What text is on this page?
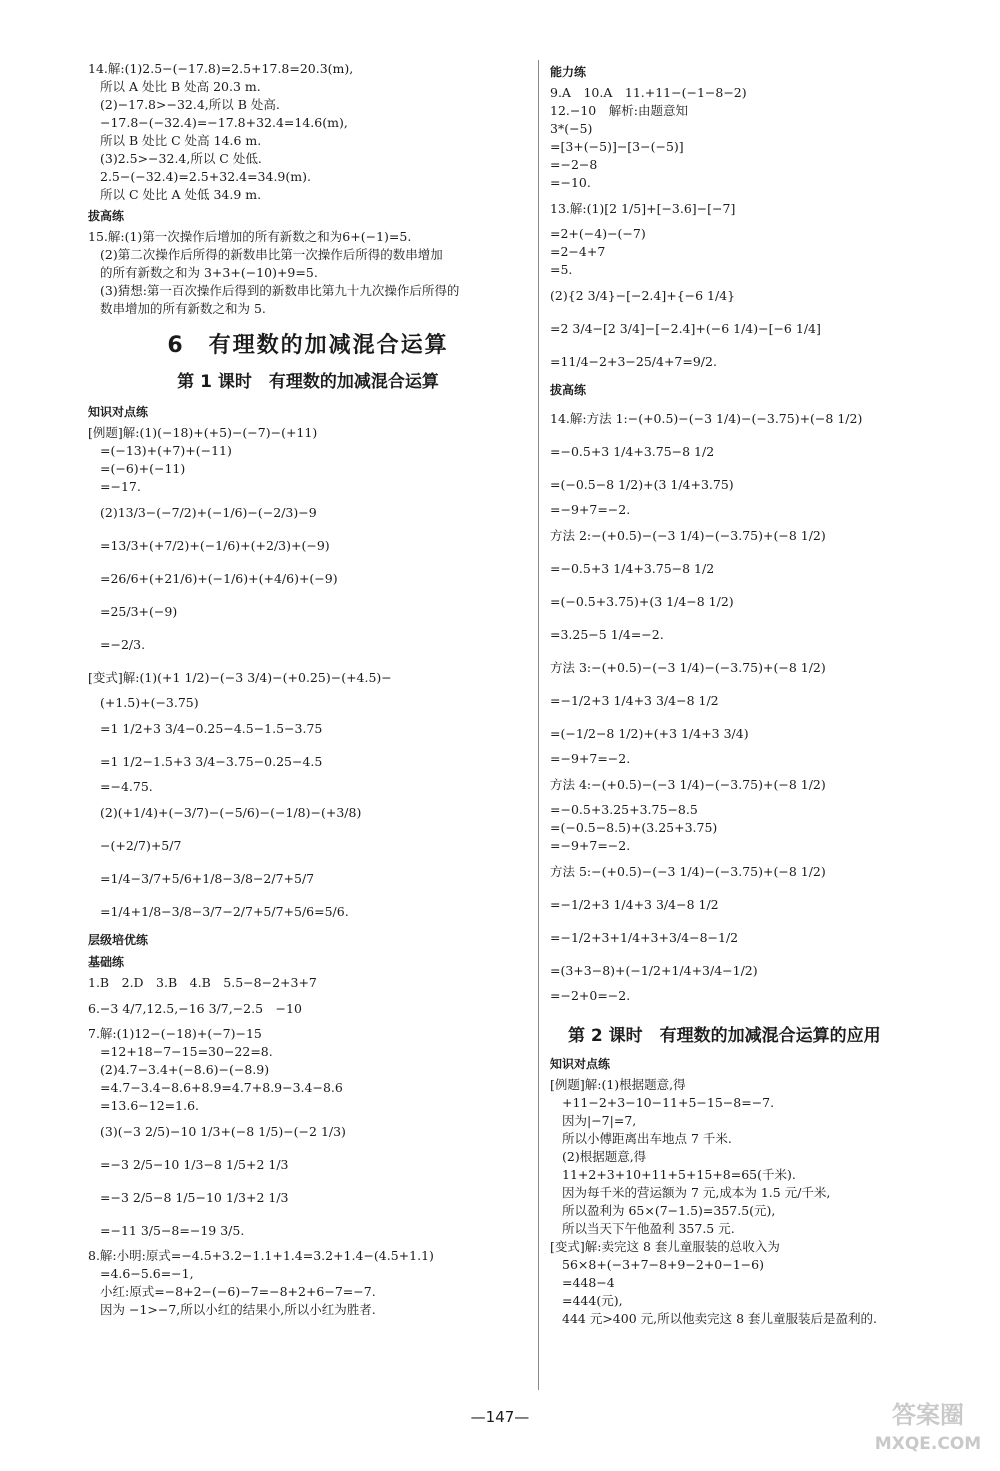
14.解:(1)2.5−(−17.8)=2.5+17.8=20.3(m),
所以 A 处比 B 处高 20.3 m.
(2)−17.8>−32.4,所以 B 处高.
−17.8−(−32.4)=−17.8+32.4=14.6(m),
所以 B 处比 C 处高 14.6 m.
(3)2.5>−32.4,所以 C 处低.
2.5−(−32.4)=2.5+32.4=34.9(m).
所以 C 处比 A 处低 34.9 m.
拔高练
15.解:(1)第一次操作后增加的所有新数之和为6+(−1)=5.
(2)第二次操作后所得的新数串比第一次操作后所得的数串增加
的所有新数之和为 3+3+(−10)+9=5.
(3)猜想:第一百次操作后得到的新数串比第九十九次操作后所得的
数串增加的所有新数之和为 5.
6　有理数的加减混合运算
第 1 课时　有理数的加减混合运算
知识对点练
[例题]解:(1)(−18)+(+5)−(−7)−(+11)
=(−13)+(+7)+(−11)
=(−6)+(−11)
=−17.
(2)13/3−(−7/2)+(−1/6)−(−2/3)−9
=13/3+(+7/2)+(−1/6)+(+2/3)+(−9)
=26/6+(+21/6)+(−1/6)+(+4/6)+(−9)
=25/3+(−9)
=−2/3.
[变式]解:(1)(+1 1/2)−(−3 3/4)−(+0.25)−(+4.5)−
(+1.5)+(−3.75)
=1 1/2+3 3/4−0.25−4.5−1.5−3.75
=1 1/2−1.5+3 3/4−3.75−0.25−4.5
=−4.75.
(2)(+1/4)+(−3/7)−(−5/6)−(−1/8)−(+3/8)
−(+2/7)+5/7
=1/4−3/7+5/6+1/8−3/8−2/7+5/7
=1/4+1/8−3/8−3/7−2/7+5/7+5/6=5/6.
层级培优练
基础练
1.B　2.D　3.B　4.B　5.5−8−2+3+7
6.−3 4/7,12.5,−16 3/7,−2.5　−10
7.解:(1)12−(−18)+(−7)−15
=12+18−7−15=30−22=8.
(2)4.7−3.4+(−8.6)−(−8.9)
=4.7−3.4−8.6+8.9=4.7+8.9−3.4−8.6
=13.6−12=1.6.
(3)(−3 2/5)−10 1/3+(−8 1/5)−(−2 1/3)
=−3 2/5−10 1/3−8 1/5+2 1/3
=−3 2/5−8 1/5−10 1/3+2 1/3
=−11 3/5−8=−19 3/5.
8.解:小明:原式=−4.5+3.2−1.1+1.4=3.2+1.4−(4.5+1.1)
=4.6−5.6=−1,
小红:原式=−8+2−(−6)−7=−8+2+6−7=−7.
因为 −1>−7,所以小红的结果小,所以小红为胜者.
能力练
9.A　10.A　11.+11−(−1−8−2)
12.−10　解析:由题意知
3*(−5)
=[3+(−5)]−[3−(−5)]
=−2−8
=−10.
13.解:(1)[2 1/5]+[−3.6]−[−7]
=2+(−4)−(−7)
=2−4+7
=5.
(2){2 3/4}−[−2.4]+{−6 1/4}
=2 3/4−[2 3/4]−[−2.4]+(−6 1/4)−[−6 1/4]
=11/4−2+3−25/4+7=9/2.
拔高练
14.解:方法 1:−(+0.5)−(−3 1/4)−(−3.75)+(−8 1/2)
=−0.5+3 1/4+3.75−8 1/2
=(−0.5−8 1/2)+(3 1/4+3.75)
=−9+7=−2.
方法 2:−(+0.5)−(−3 1/4)−(−3.75)+(−8 1/2)
=−0.5+3 1/4+3.75−8 1/2
=(−0.5+3.75)+(3 1/4−8 1/2)
=3.25−5 1/4=−2.
方法 3:−(+0.5)−(−3 1/4)−(−3.75)+(−8 1/2)
=−1/2+3 1/4+3 3/4−8 1/2
=(−1/2−8 1/2)+(+3 1/4+3 3/4)
=−9+7=−2.
方法 4:−(+0.5)−(−3 1/4)−(−3.75)+(−8 1/2)
=−0.5+3.25+3.75−8.5
=(−0.5−8.5)+(3.25+3.75)
=−9+7=−2.
方法 5:−(+0.5)−(−3 1/4)−(−3.75)+(−8 1/2)
=−1/2+3 1/4+3 3/4−8 1/2
=−1/2+3+1/4+3+3/4−8−1/2
=(3+3−8)+(−1/2+1/4+3/4−1/2)
=−2+0=−2.
第 2 课时　有理数的加减混合运算的应用
知识对点练
[例题]解:(1)根据题意,得
+11−2+3−10−11+5−15−8=−7.
因为|−7|=7,
所以小傅距离出车地点 7 千米.
(2)根据题意,得
11+2+3+10+11+5+15+8=65(千米).
因为每千米的营运额为 7 元,成本为 1.5 元/千米,
所以盈利为 65×(7−1.5)=357.5(元),
所以当天下午他盈利 357.5 元.
[变式]解:卖完这 8 套儿童服装的总收入为
56×8+(−3+7−8+9−2+0−1−6)
=448−4
=444(元),
444 元>400 元,所以他卖完这 8 套儿童服装后是盈利的.
—147—	答案圈
MXQE.COM
